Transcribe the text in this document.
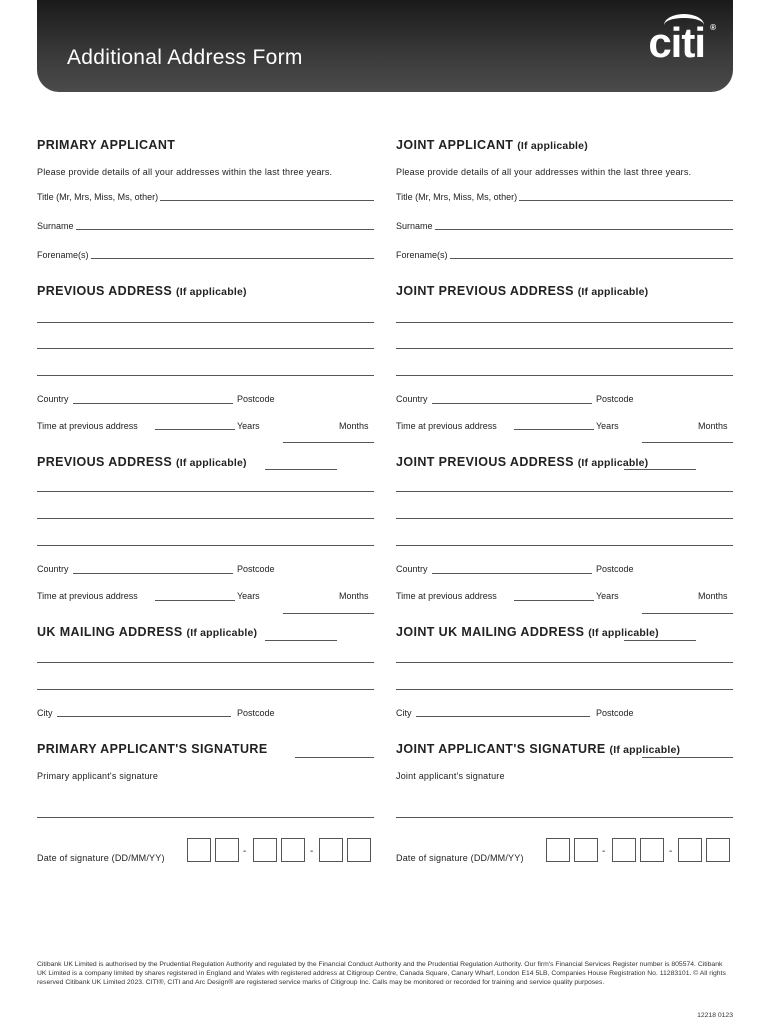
Additional Address Form	citi ®
PRIMARY APPLICANT
Please provide details of all your addresses within the last three years.
Title (Mr, Mrs, Miss, Ms, other)
Surname
Forename(s)
PREVIOUS ADDRESS (If applicable)
Country	Postcode
Time at previous address	Years	Months
PREVIOUS ADDRESS (If applicable)
Country	Postcode
Time at previous address	Years	Months
UK MAILING ADDRESS (If applicable)
City	Postcode
PRIMARY APPLICANT'S SIGNATURE
Primary applicant's signature
Date of signature (DD/MM/YY)
-	-
JOINT APPLICANT (If applicable)
Please provide details of all your addresses within the last three years.
Title (Mr, Mrs, Miss, Ms, other)
Surname
Forename(s)
JOINT PREVIOUS ADDRESS (If applicable)
Country	Postcode
Time at previous address	Years	Months
JOINT PREVIOUS ADDRESS (If applicable)
Country	Postcode
Time at previous address	Years	Months
JOINT UK MAILING ADDRESS (If applicable)
City	Postcode
JOINT APPLICANT'S SIGNATURE (If applicable)
Joint applicant's signature
Date of signature (DD/MM/YY)
-	-
Citibank UK Limited is authorised by the Prudential Regulation Authority and regulated by the Financial Conduct Authority and the Prudential Regulation Authority. Our firm's Financial Services Register number is 805574. Citibank UK Limited is a company limited by shares registered in England and Wales with registered address at Citigroup Centre, Canada Square, Canary Wharf, London E14 5LB, Companies House Registration No. 11283101. © All rights reserved Citibank UK Limited 2023. CITI®, CITI and Arc Design® are registered service marks of Citigroup Inc. Calls may be monitored or recorded for training and service quality purposes.
12218 0123
